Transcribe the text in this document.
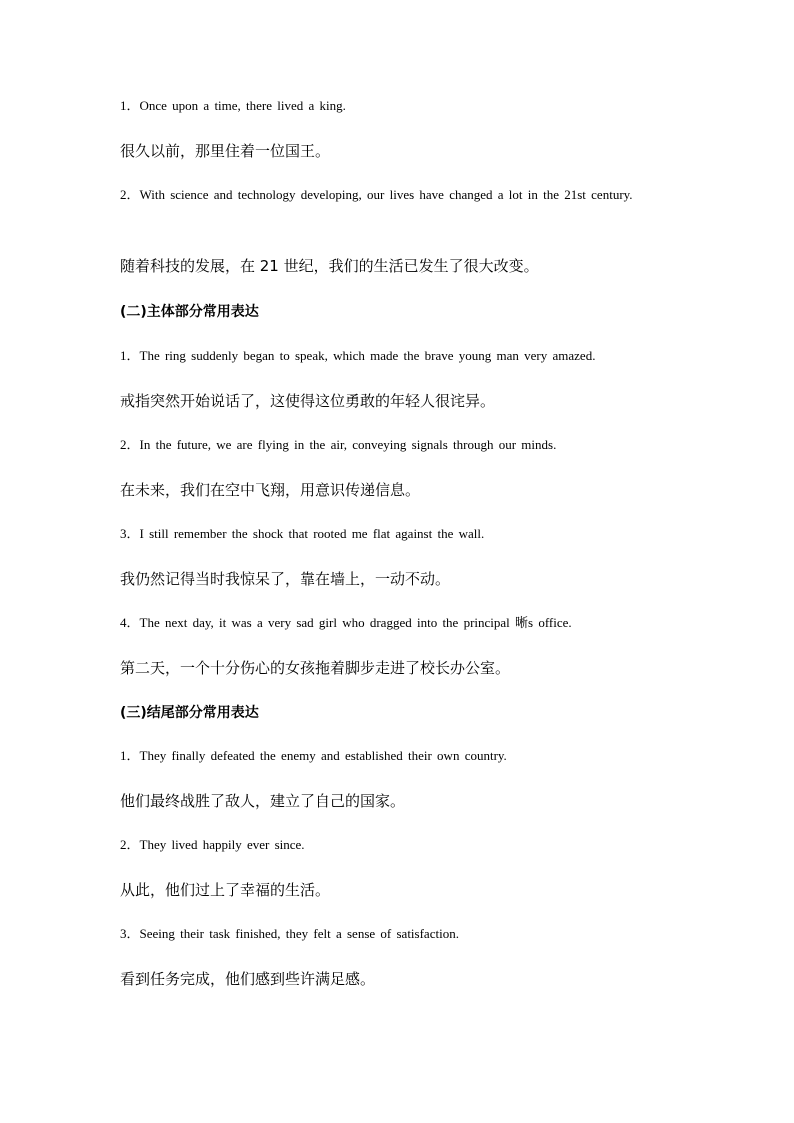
1．Once upon a time, there lived a king.
很久以前，那里住着一位国王。
2．With science and technology developing, our lives have changed a lot in the 21st century.
随着科技的发展，在 21 世纪，我们的生活已发生了很大改变。
(二)主体部分常用表达
1．The ring suddenly began to speak, which made the brave young man very amazed.
戒指突然开始说话了，这使得这位勇敢的年轻人很诧异。
2．In the future, we are flying in the air, conveying signals through our minds.
在未来，我们在空中飞翔，用意识传递信息。
3．I still remember the shock that rooted me flat against the wall.
我仍然记得当时我惊呆了，靠在墙上，一动不动。
4．The next day, it was a very sad girl who dragged into the principal 晰s office.
第二天，一个十分伤心的女孩拖着脚步走进了校长办公室。
(三)结尾部分常用表达
1．They finally defeated the enemy and established their own country.
他们最终战胜了敌人，建立了自己的国家。
2．They lived happily ever since.
从此，他们过上了幸福的生活。
3．Seeing their task finished, they felt a sense of satisfaction.
看到任务完成，他们感到些许满足感。
